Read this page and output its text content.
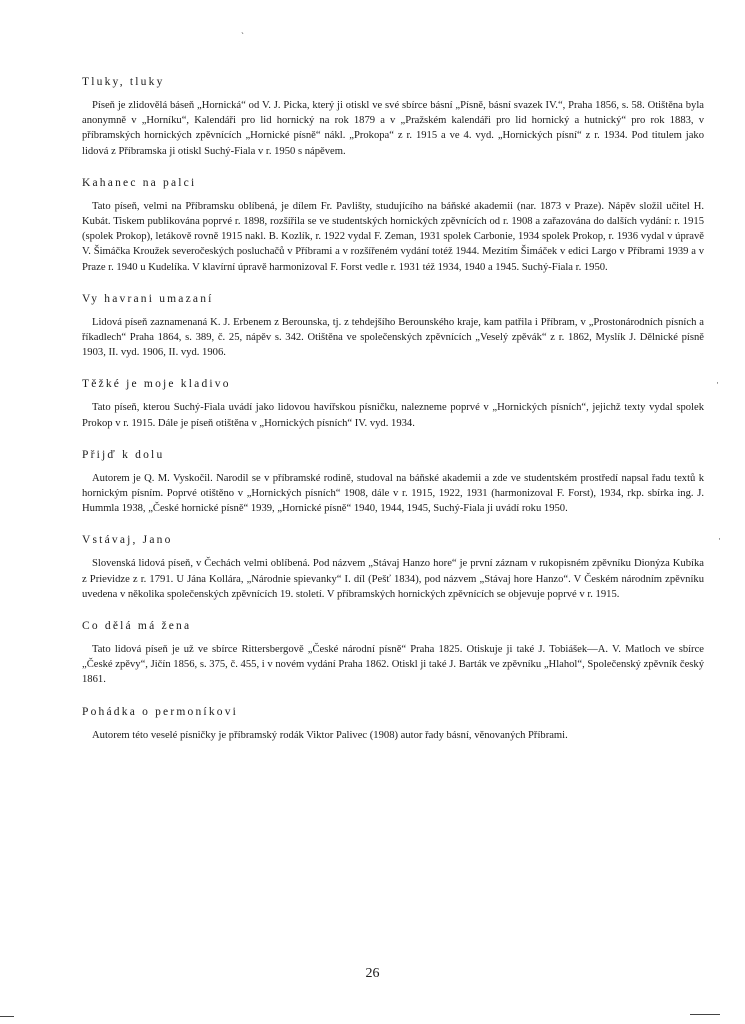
Tluky, tluky

Píseň je zlidovělá báseň „Hornická“ od V. J. Picka, který ji otiskl ve své sbírce básní „Písně, básní svazek IV.“, Praha 1856, s. 58. Otištěna byla anonymně v „Horníku“, Kalendáři pro lid hornický na rok 1879 a v „Pražském kalendáři pro lid hornický a hutnický“ pro rok 1883, v příbramských hornických zpěvnících „Hornické písně“ nákl. „Prokopa“ z r. 1915 a ve 4. vyd. „Hornických písní“ z r. 1934. Pod titulem jako lidová z Příbramska ji otiskl Suchý-Fiala v r. 1950 s nápěvem.

Kahanec na palci

Tato píseň, velmi na Příbramsku oblíbená, je dílem Fr. Pavlišty, studujícího na báňské akademii (nar. 1873 v Praze). Nápěv složil učitel H. Kubát. Tiskem publikována poprvé r. 1898, rozšířila se ve studentských hornických zpěvnících od r. 1908 a zařazována do dalších vydání: r. 1915 (spolek Prokop), letákově rovně 1915 nakl. B. Kozlík, r. 1922 vydal F. Zeman, 1931 spolek Carbonie, 1934 spolek Prokop, r. 1936 vydal v úpravě V. Šimáčka Kroužek severočeských posluchačů v Příbrami a v rozšířeném vydání totéž 1944. Mezitím Šimáček v edici Largo v Příbrami 1939 a v Praze r. 1940 u Kudelíka. V klavírní úpravě harmonizoval F. Forst vedle r. 1931 též 1934, 1940 a 1945. Suchý-Fiala r. 1950.

Vy havrani umazaní

Lidová píseň zaznamenaná K. J. Erbenem z Berounska, tj. z tehdejšího Berounského kraje, kam patřila i Příbram, v „Prostonárodních písních a říkadlech“ Praha 1864, s. 389, č. 25, nápěv s. 342. Otištěna ve společenských zpěvnících „Veselý zpěvák“ z r. 1862, Myslík J. Dělnické písně 1903, II. vyd. 1906, II. vyd. 1906.

Těžké je moje kladivo

Tato píseň, kterou Suchý-Fiala uvádí jako lidovou havířskou písničku, nalezneme poprvé v „Hornických písních“, jejichž texty vydal spolek Prokop v r. 1915. Dále je píseň otištěna v „Hornických písních“ IV. vyd. 1934.

Přijď k dolu

Autorem je Q. M. Vyskočil. Narodil se v příbramské rodině, studoval na báňské akademii a zde ve studentském prostředí napsal řadu textů k hornickým písním. Poprvé otištěno v „Hornických písních“ 1908, dále v r. 1915, 1922, 1931 (harmonizoval F. Forst), 1934, rkp. sbírka ing. J. Hummla 1938, „České hornické písně“ 1939, „Hornické písně“ 1940, 1944, 1945, Suchý-Fiala ji uvádí roku 1950.

Vstávaj, Jano

Slovenská lidová píseň, v Čechách velmi oblíbená. Pod názvem „Stávaj Hanzo hore“ je první záznam v rukopisném zpěvníku Dionýza Kubíka z Prievidze z r. 1791. U Jána Kollára, „Národnie spievanky“ I. díl (Pešť 1834), pod názvem „Stávaj hore Hanzo“. V Českém národním zpěvníku uvedena v několika společenských zpěvnících 19. století. V příbramských hornických zpěvnících se objevuje poprvé v r. 1915.

Co dělá má žena

Tato lidová píseň je už ve sbírce Rittersbergově „České národní písně“ Praha 1825. Otiskuje ji také J. Tobiášek—A. V. Matloch ve sbírce „České zpěvy“, Jičín 1856, s. 375, č. 455, i v novém vydání Praha 1862. Otiskl ji také J. Barták ve zpěvníku „Hlahol“, Společenský zpěvník český 1861.

Pohádka o permoníkovi

Autorem této veselé písničky je příbramský rodák Viktor Palivec (1908) autor řady básní, věnovaných Příbrami.

26
ˎ
·
·
